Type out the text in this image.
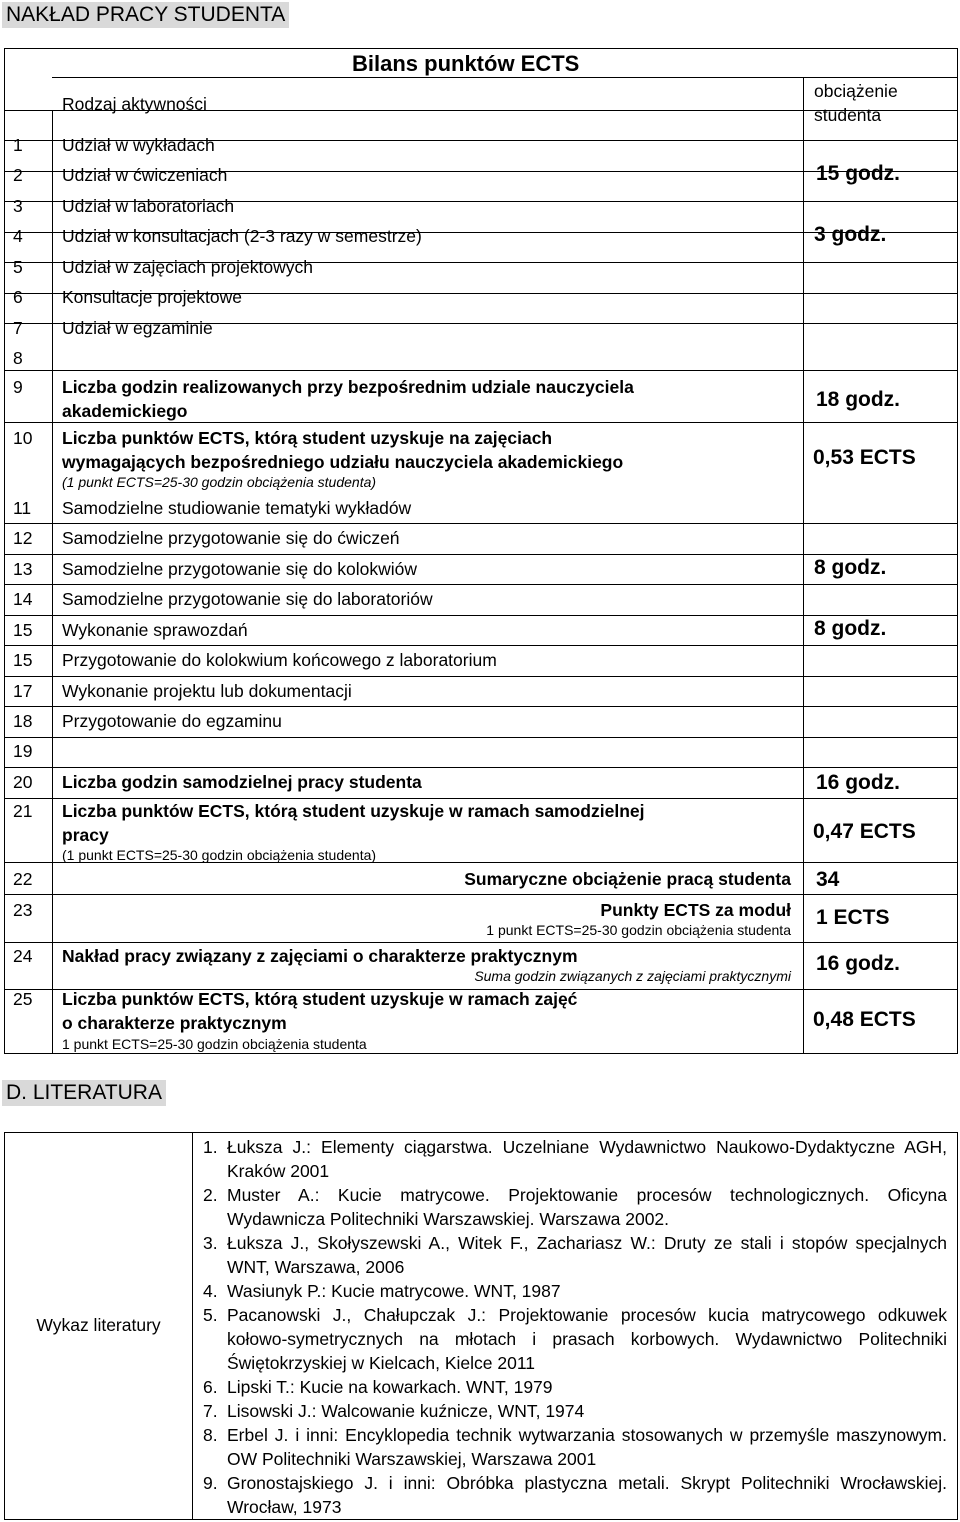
NAKŁAD PRACY STUDENTA
Bilans punktów ECTS
Rodzaj aktywności
obciążenie
studenta
1 Udział w wykładach
2 Udział w ćwiczeniach	15 godz.
3 Udział w laboratoriach
4 Udział w konsultacjach (2-3 razy w semestrze)	3 godz.
5 Udział w zajęciach projektowych
6 Konsultacje projektowe
7 Udział w egzaminie
8
9 Liczba godzin realizowanych przy bezpośrednim udziale nauczyciela
akademickiego	18 godz.
10 Liczba punktów ECTS, którą student uzyskuje na zajęciach
wymagających bezpośredniego udziału nauczyciela akademickiego
(1 punkt ECTS=25-30 godzin obciążenia studenta)
0,53 ECTS
11 Samodzielne studiowanie tematyki wykładów
12 Samodzielne przygotowanie się do ćwiczeń
13 Samodzielne przygotowanie się do kolokwiów	8 godz.
14 Samodzielne przygotowanie się do laboratoriów
15 Wykonanie sprawozdań	8 godz.
15 Przygotowanie do kolokwium końcowego z laboratorium
17 Wykonanie projektu lub dokumentacji
18 Przygotowanie do egzaminu
19
20 Liczba godzin samodzielnej pracy studenta	16 godz.
21 Liczba punktów ECTS, którą student uzyskuje w ramach samodzielnej
pracy
(1 punkt ECTS=25-30 godzin obciążenia studenta)
0,47 ECTS
22	Sumaryczne obciążenie pracą studenta 34
23	Punkty ECTS za moduł
1 punkt ECTS=25-30 godzin obciążenia studenta
1 ECTS
24 Nakład pracy związany z zajęciami o charakterze praktycznym
Suma godzin związanych z zajęciami praktycznymi
16 godz.
25 Liczba punktów ECTS, którą student uzyskuje w ramach zajęć
o charakterze praktycznym
1 punkt ECTS=25-30 godzin obciążenia studenta
0,48 ECTS
D. LITERATURA
Wykaz literatury
1. Łuksza J.: Elementy ciągarstwa. Uczelniane Wydawnictwo Naukowo-Dydaktyczne AGH, Kraków 2001
2. Muster A.: Kucie matrycowe. Projektowanie procesów technologicznych. Oficyna Wydawnicza Politechniki Warszawskiej. Warszawa 2002.
3. Łuksza J., Skołyszewski A., Witek F., Zachariasz W.: Druty ze stali i stopów specjalnych WNT, Warszawa, 2006
4. Wasiunyk P.: Kucie matrycowe. WNT, 1987
5. Pacanowski J., Chałupczak J.: Projektowanie procesów kucia matrycowego odkuwek kołowo-symetrycznych na młotach i prasach korbowych. Wydawnictwo Politechniki Świętokrzyskiej w Kielcach, Kielce 2011
6. Lipski T.: Kucie na kowarkach. WNT, 1979
7. Lisowski J.: Walcowanie kuźnicze, WNT, 1974
8. Erbel J. i inni: Encyklopedia technik wytwarzania stosowanych w przemyśle maszynowym. OW Politechniki Warszawskiej, Warszawa 2001
9. Gronostajskiego J. i inni: Obróbka plastyczna metali. Skrypt Politechniki Wrocławskiej. Wrocław, 1973
